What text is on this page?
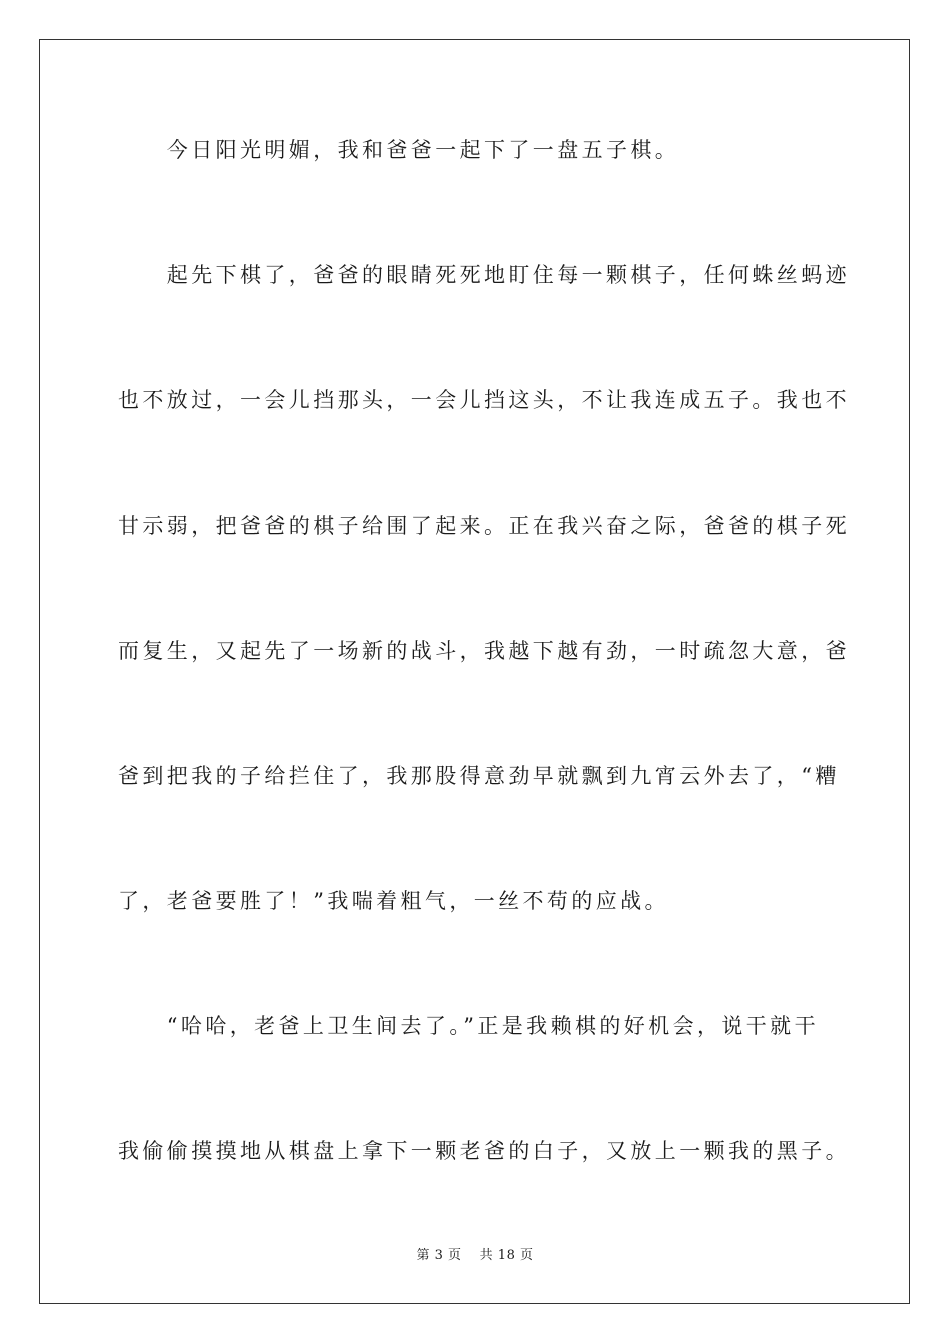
　　今日阳光明媚，我和爸爸一起下了一盘五子棋。
　　起先下棋了，爸爸的眼睛死死地盯住每一颗棋子，任何蛛丝蚂迹
也不放过，一会儿挡那头，一会儿挡这头，不让我连成五子。我也不
甘示弱，把爸爸的棋子给围了起来。正在我兴奋之际，爸爸的棋子死
而复生，又起先了一场新的战斗，我越下越有劲，一时疏忽大意，爸
爸到把我的子给拦住了，我那股得意劲早就飘到九宵云外去了，“糟
了，老爸要胜了！”我喘着粗气，一丝不苟的应战。
　　“哈哈，老爸上卫生间去了。”正是我赖棋的好机会，说干就干
我偷偷摸摸地从棋盘上拿下一颗老爸的白子，又放上一颗我的黑子。
第 3 页　 共 18 页
